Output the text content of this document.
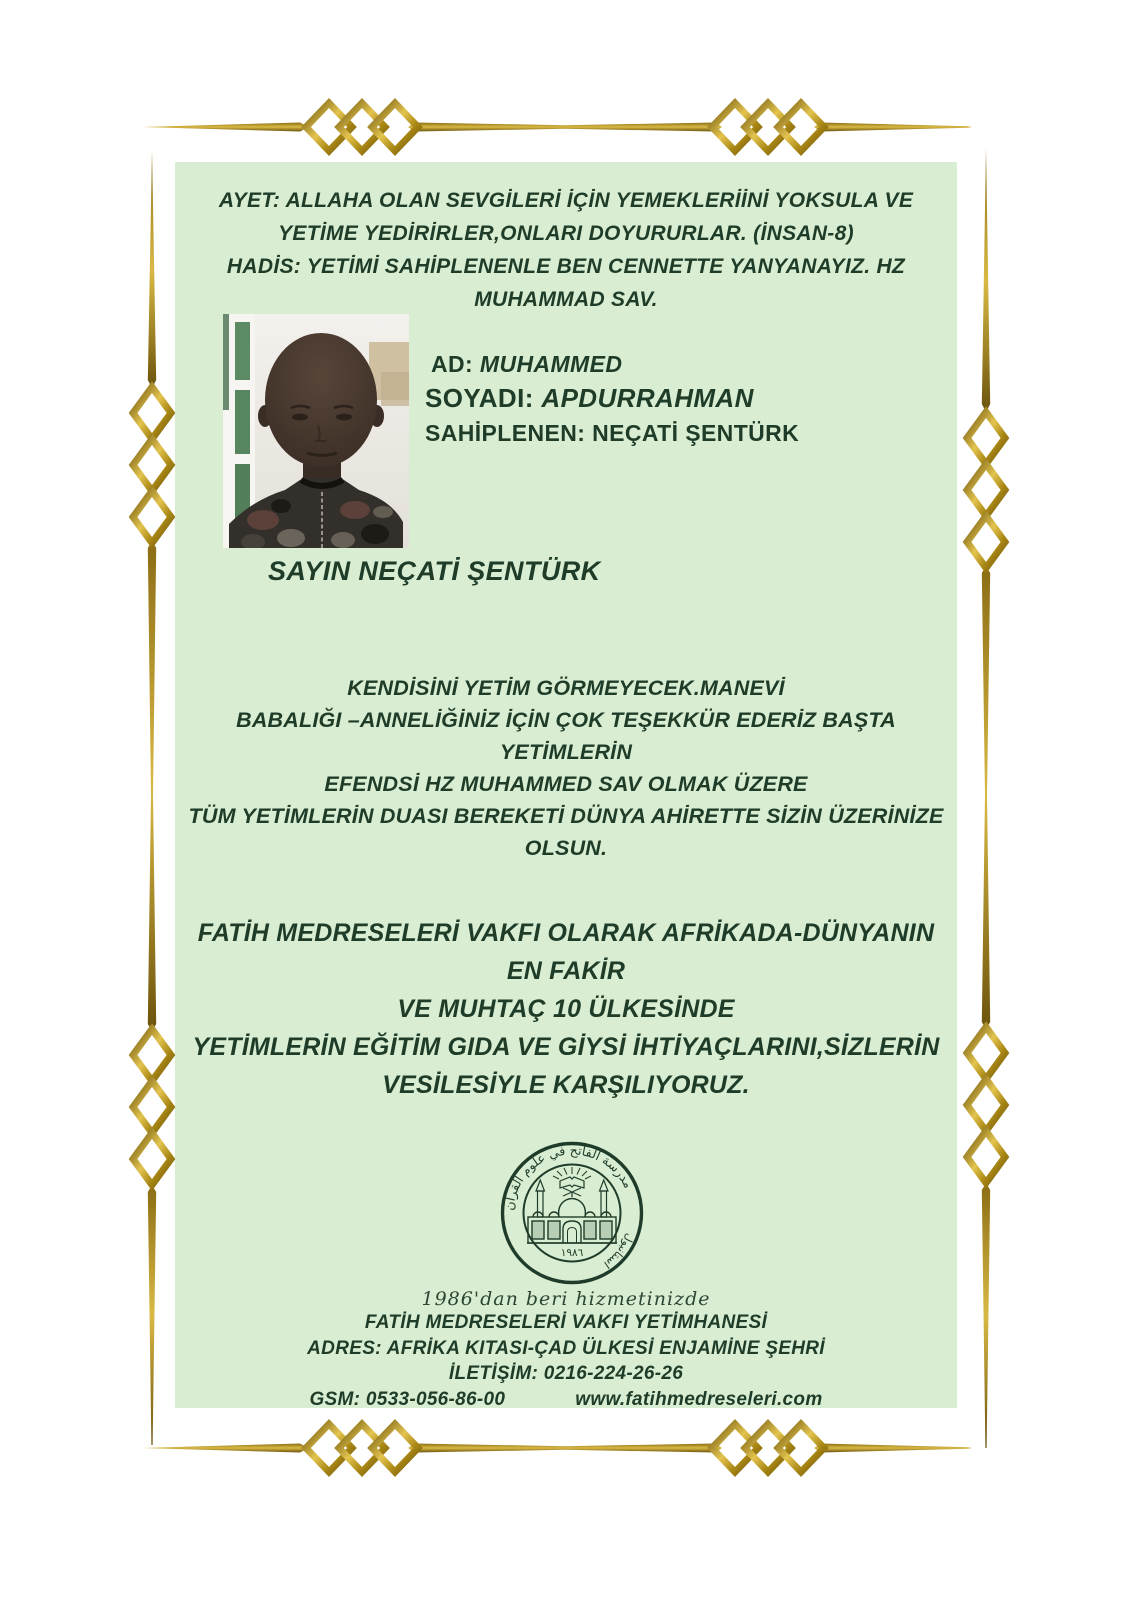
AYET: ALLAHA OLAN SEVGİLERİ İÇİN YEMEKLERİİNİ YOKSULA VE
YETİME YEDİRİRLER,ONLARI DOYURURLAR. (İNSAN-8)
HADİS: YETİMİ SAHİPLENENLE BEN CENNETTE YANYANAYIZ. HZ MUHAMMAD SAV.
AD: MUHAMMED
SOYADI: APDURRAHMAN
SAHİPLENEN: NEÇATİ ŞENTÜRK
SAYIN NEÇATİ ŞENTÜRK
KENDİSİNİ YETİM GÖRMEYECEK.MANEVİ
BABALIĞI –ANNELİĞİNİZ İÇİN ÇOK TEŞEKKÜR EDERİZ BAŞTA YETİMLERİN
EFENDSİ HZ MUHAMMED SAV OLMAK ÜZERE
TÜM YETİMLERİN DUASI BEREKETİ DÜNYA AHİRETTE SİZİN ÜZERİNİZE OLSUN.
FATİH MEDRESELERİ VAKFI OLARAK AFRİKADA-DÜNYANIN EN FAKİR
VE MUHTAÇ 10 ÜLKESİNDE
YETİMLERİN EĞİTİM GIDA VE GİYSİ İHTİYAÇLARINI,SİZLERİN
VESİLESİYLE KARŞILIYORUZ.
مدرسة الفاتح في علوم القرآن
استانبول
١٩٨٦
1986'dan beri hizmetinizde
FATİH MEDRESELERİ VAKFI YETİMHANESİ
ADRES: AFRİKA KITASI-ÇAD ÜLKESİ ENJAMİNE ŞEHRİ
İLETİŞİM: 0216-224-26-26
GSM: 0533-056-86-00	www.fatihmedreseleri.com
